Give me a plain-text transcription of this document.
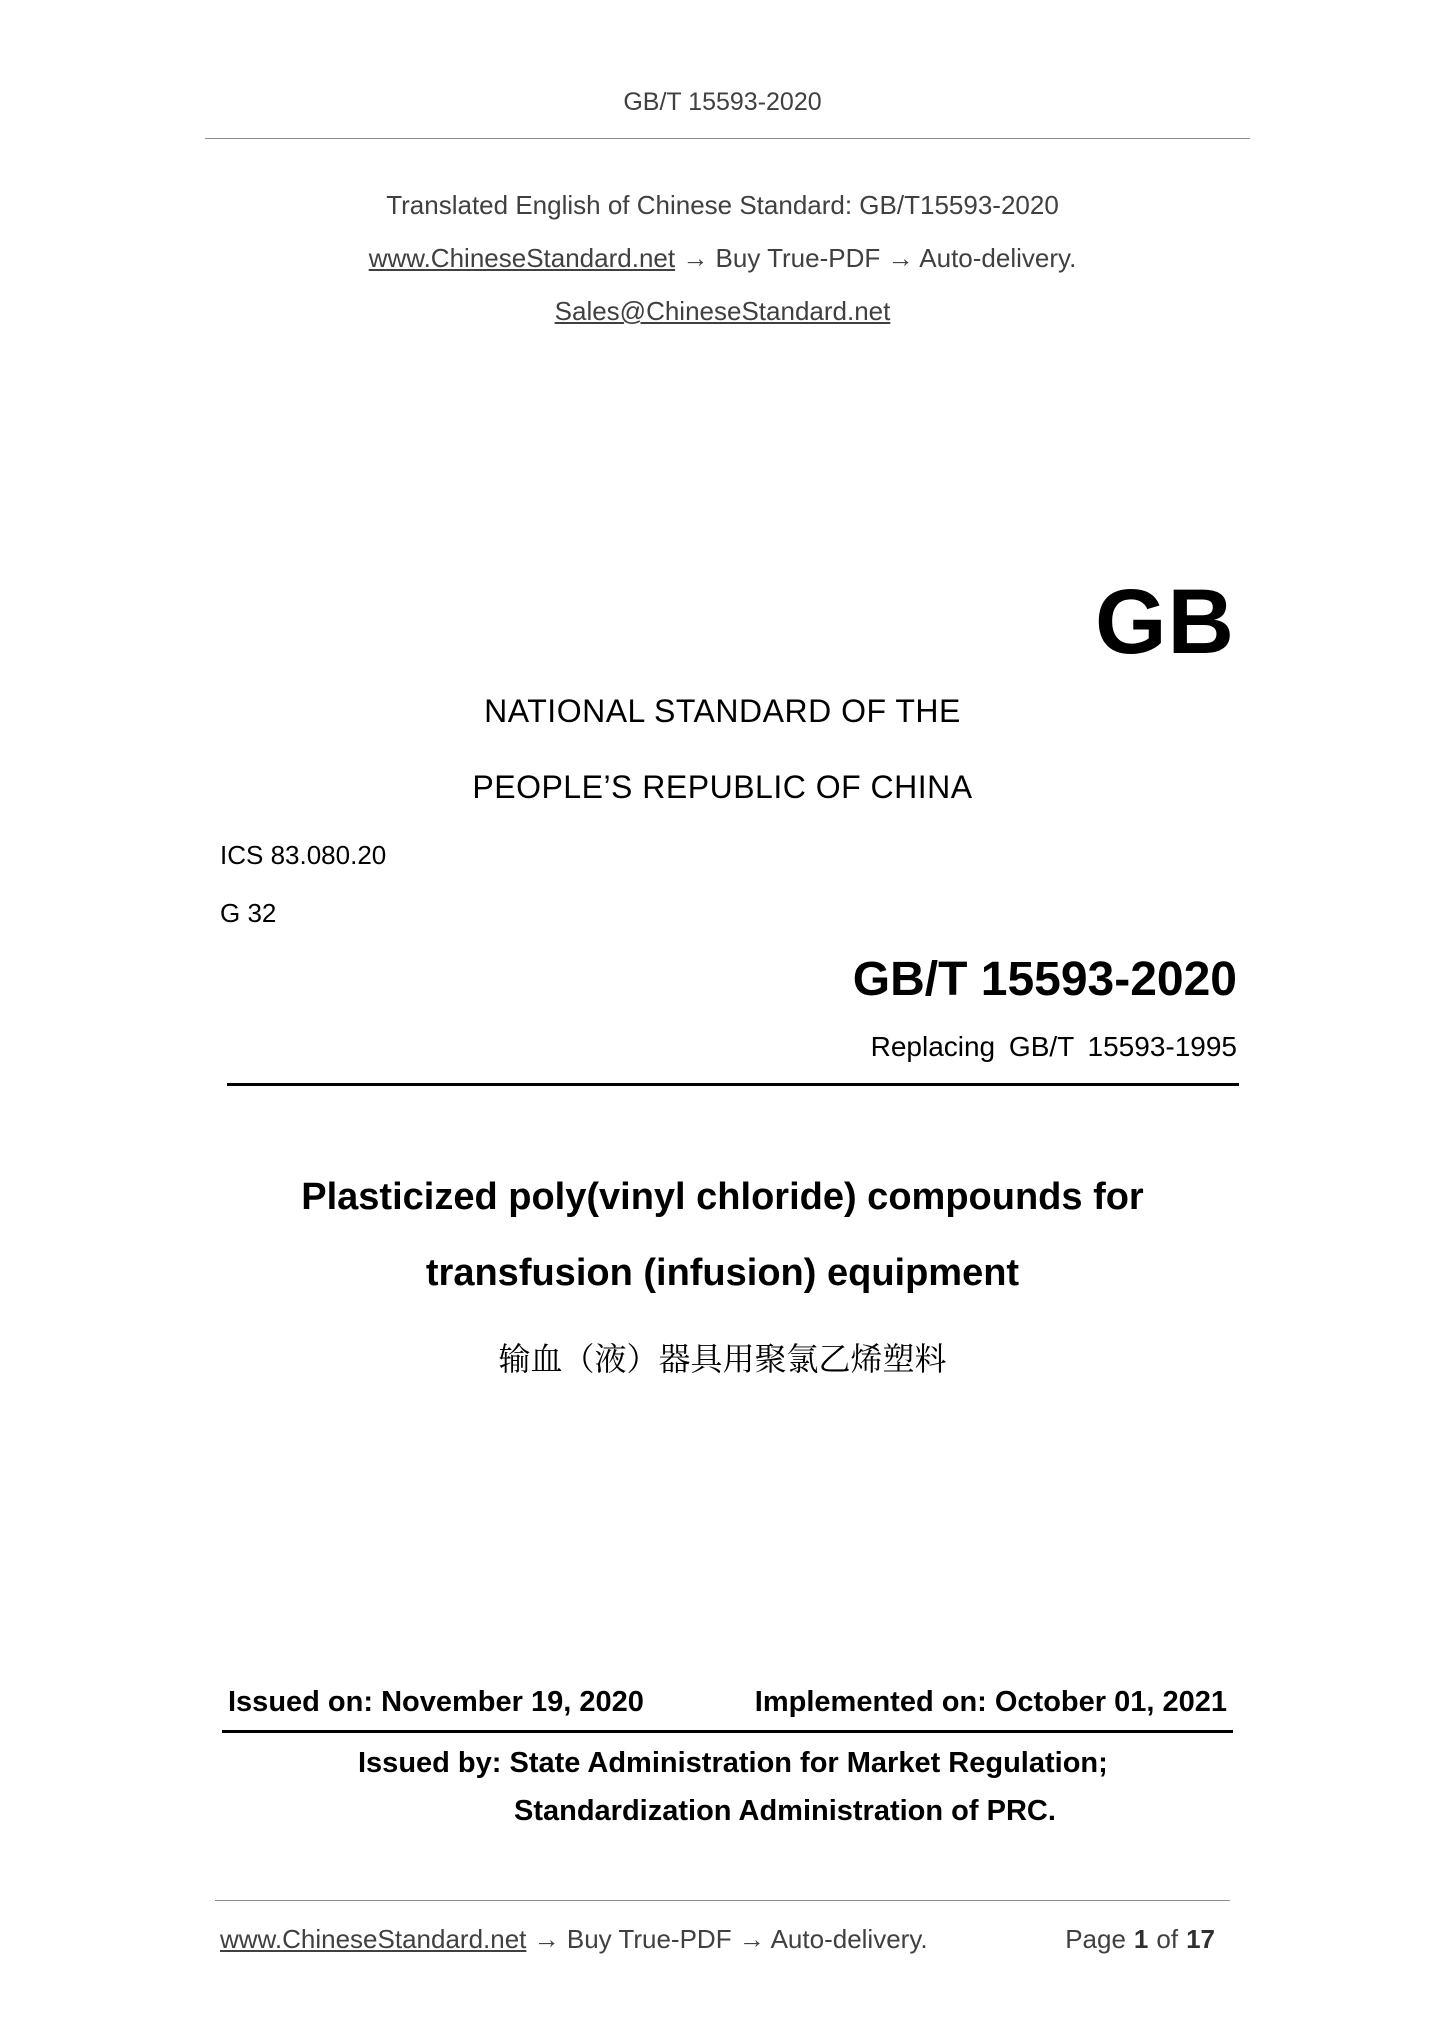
GB/T 15593-2020
Translated English of Chinese Standard: GB/T15593-2020
www.ChineseStandard.net → Buy True-PDF → Auto-delivery.
Sales@ChineseStandard.net
GB
NATIONAL STANDARD OF THE
PEOPLE’S REPUBLIC OF CHINA
ICS 83.080.20
G 32
GB/T 15593-2020
Replacing GB/T 15593-1995
Plasticized poly(vinyl chloride) compounds for
transfusion (infusion) equipment
输血（液）器具用聚氯乙烯塑料
Issued on: November 19, 2020	Implemented on: October 01, 2021
Issued by: State Administration for Market Regulation;
Standardization Administration of PRC.
www.ChineseStandard.net → Buy True-PDF → Auto-delivery.	Page 1 of 17
